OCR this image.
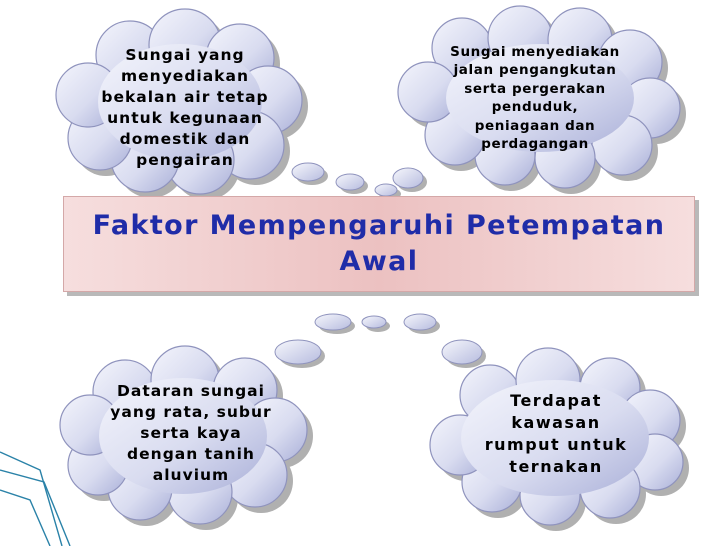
Sungai yang
menyediakan
bekalan air tetap
untuk kegunaan
domestik dan
pengairan
Sungai menyediakan
jalan pengangkutan
serta pergerakan
penduduk,
peniagaan dan
perdagangan
Dataran sungai
yang rata, subur
serta kaya
dengan tanih
aluvium
Terdapat
kawasan
rumput untuk
ternakan
Faktor Mempengaruhi Petempatan
Awal
